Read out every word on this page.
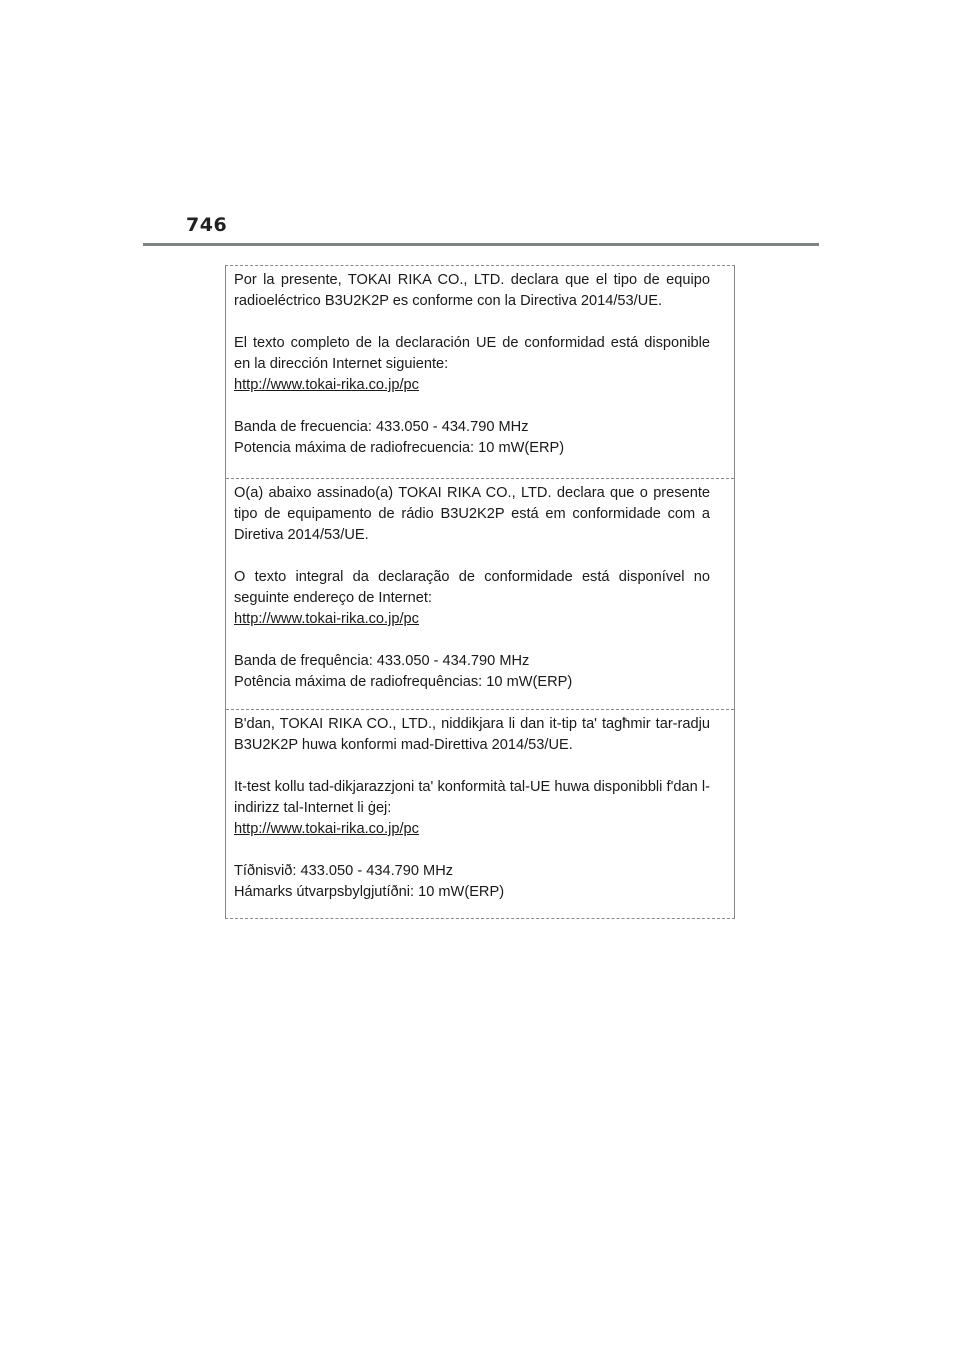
746

Por la presente, TOKAI RIKA CO., LTD. declara que el tipo de equipo radioeléctrico B3U2K2P es conforme con la Directiva 2014/53/UE.

El texto completo de la declaración UE de conformidad está disponible en la dirección Internet siguiente:
http://www.tokai-rika.co.jp/pc

Banda de frecuencia: 433.050 - 434.790 MHz
Potencia máxima de radiofrecuencia: 10 mW(ERP)

O(a) abaixo assinado(a) TOKAI RIKA CO., LTD. declara que o presente tipo de equipamento de rádio B3U2K2P está em conformidade com a Diretiva 2014/53/UE.

O texto integral da declaração de conformidade está disponível no seguinte endereço de Internet:
http://www.tokai-rika.co.jp/pc

Banda de frequência: 433.050 - 434.790 MHz
Potência máxima de radiofrequências: 10 mW(ERP)

B'dan, TOKAI RIKA CO., LTD., niddikjara li dan it-tip ta' tagħmir tar-radju B3U2K2P huwa konformi mad-Direttiva 2014/53/UE.

It-test kollu tad-dikjarazzjoni ta' konformità tal-UE huwa disponibbli f'dan l-indirizz tal-Internet li ġej:
http://www.tokai-rika.co.jp/pc

Tíðnisvið: 433.050 - 434.790 MHz
Hámarks útvarpsbylgjutíðni: 10 mW(ERP)
